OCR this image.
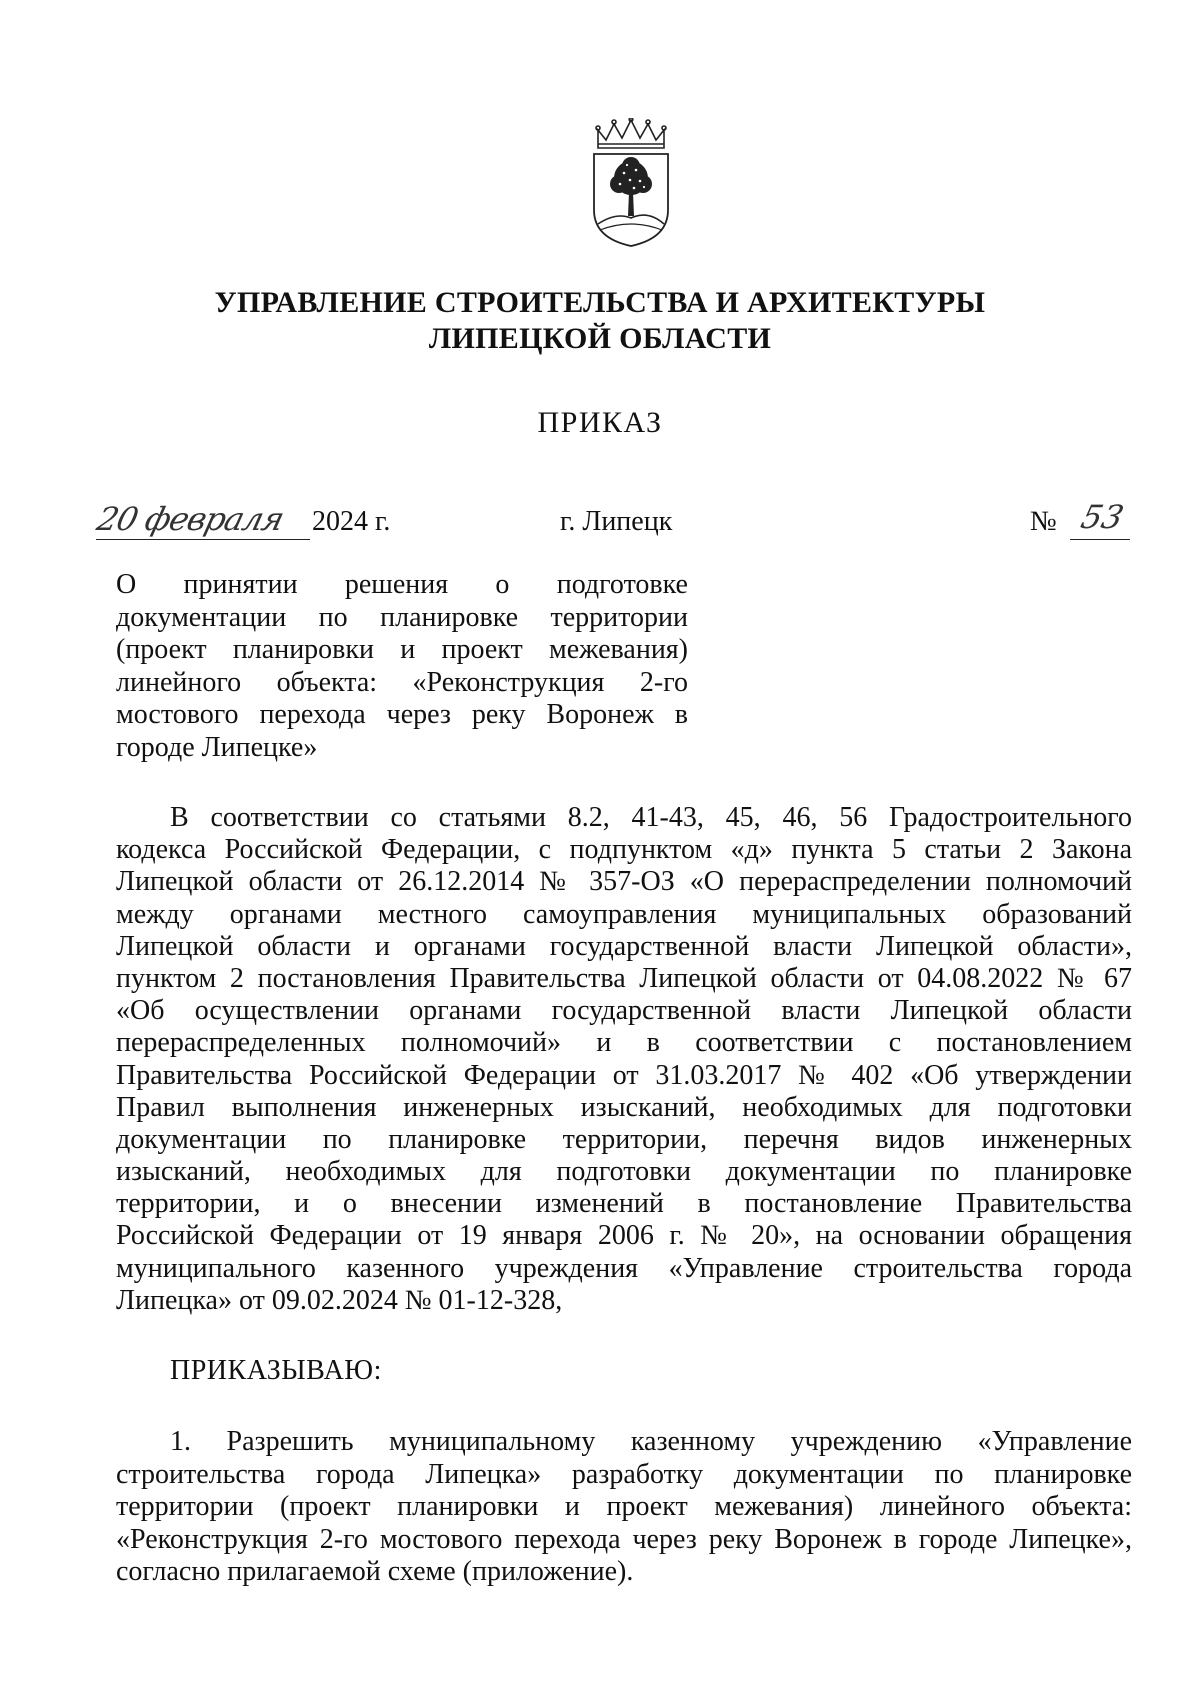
УПРАВЛЕНИЕ СТРОИТЕЛЬСТВА И АРХИТЕКТУРЫ
ЛИПЕЦКОЙ ОБЛАСТИ
ПРИКАЗ
20 февраля 2024 г.	г. Липецк	№ 53
О принятии решения о подготовке
документации по планировке территории
(проект планировки и проект межевания)
линейного объекта: «Реконструкция 2-го
мостового перехода через реку Воронеж в
городе Липецке»
В соответствии со статьями 8.2, 41-43, 45, 46, 56 Градостроительного
кодекса Российской Федерации, с подпунктом «д» пункта 5 статьи 2 Закона
Липецкой области от 26.12.2014 № 357-ОЗ «О перераспределении полномочий
между органами местного самоуправления муниципальных образований
Липецкой области и органами государственной власти Липецкой области»,
пунктом 2 постановления Правительства Липецкой области от 04.08.2022 № 67
«Об осуществлении органами государственной власти Липецкой области
перераспределенных полномочий» и в соответствии с постановлением
Правительства Российской Федерации от 31.03.2017 № 402 «Об утверждении
Правил выполнения инженерных изысканий, необходимых для подготовки
документации по планировке территории, перечня видов инженерных
изысканий, необходимых для подготовки документации по планировке
территории, и о внесении изменений в постановление Правительства
Российской Федерации от 19 января 2006 г. № 20», на основании обращения
муниципального казенного учреждения «Управление строительства города
Липецка» от 09.02.2024 № 01-12-328,
ПРИКАЗЫВАЮ:
1. Разрешить муниципальному казенному учреждению «Управление
строительства города Липецка» разработку документации по планировке
территории (проект планировки и проект межевания) линейного объекта:
«Реконструкция 2-го мостового перехода через реку Воронеж в городе Липецке»,
согласно прилагаемой схеме (приложение).
